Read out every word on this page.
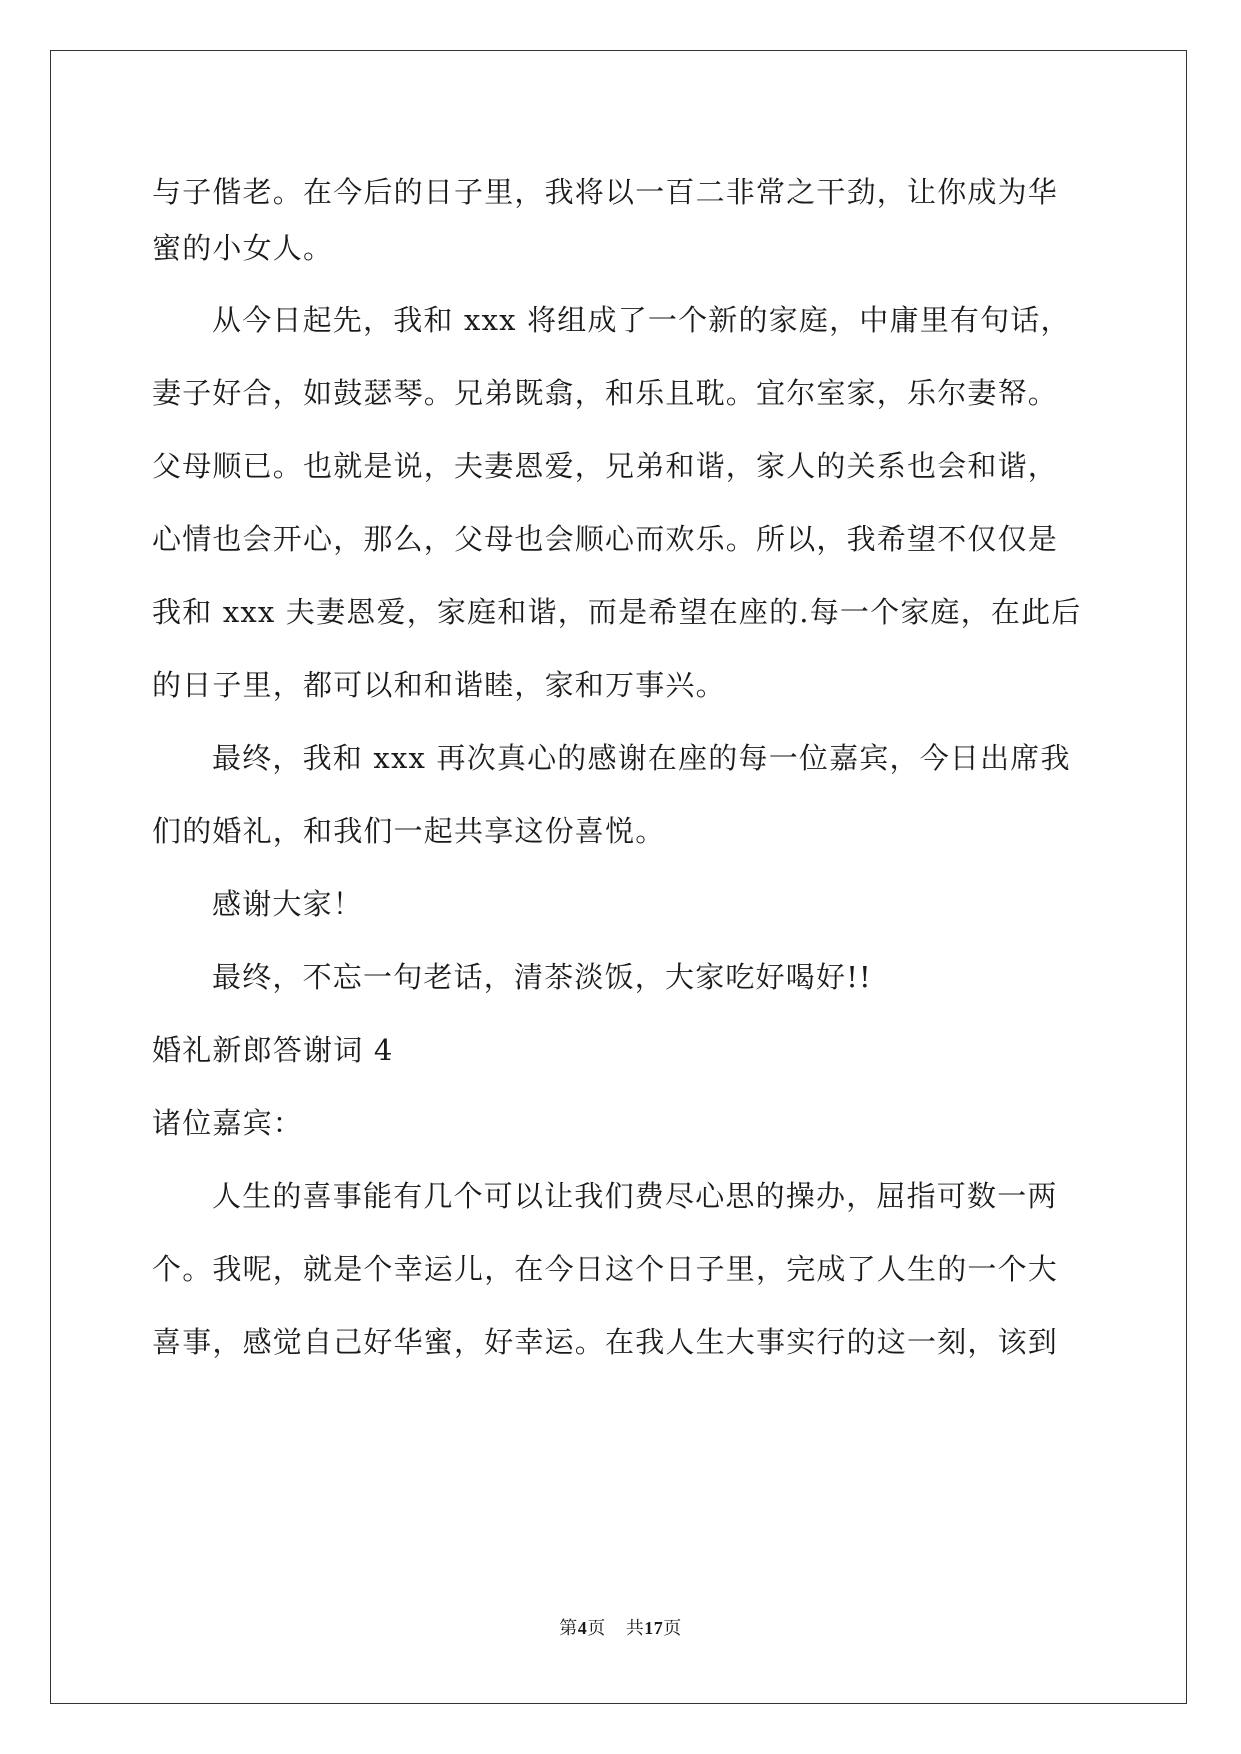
与子偕老。在今后的日子里，我将以一百二非常之干劲，让你成为华
蜜的小女人。
从今日起先，我和 xxx 将组成了一个新的家庭，中庸里有句话，
妻子好合，如鼓瑟琴。兄弟既翕，和乐且耽。宜尔室家，乐尔妻帑。
父母顺已。也就是说，夫妻恩爱，兄弟和谐，家人的关系也会和谐，
心情也会开心，那么，父母也会顺心而欢乐。所以，我希望不仅仅是
我和 xxx 夫妻恩爱，家庭和谐，而是希望在座的.每一个家庭，在此后
的日子里，都可以和和谐睦，家和万事兴。
最终，我和 xxx 再次真心的感谢在座的每一位嘉宾，今日出席我
们的婚礼，和我们一起共享这份喜悦。
感谢大家！
最终，不忘一句老话，清茶淡饭，大家吃好喝好!!
婚礼新郎答谢词 4
诸位嘉宾：
人生的喜事能有几个可以让我们费尽心思的操办，屈指可数一两
个。我呢，就是个幸运儿，在今日这个日子里，完成了人生的一个大
喜事，感觉自己好华蜜，好幸运。在我人生大事实行的这一刻，该到
第4页 共17页
